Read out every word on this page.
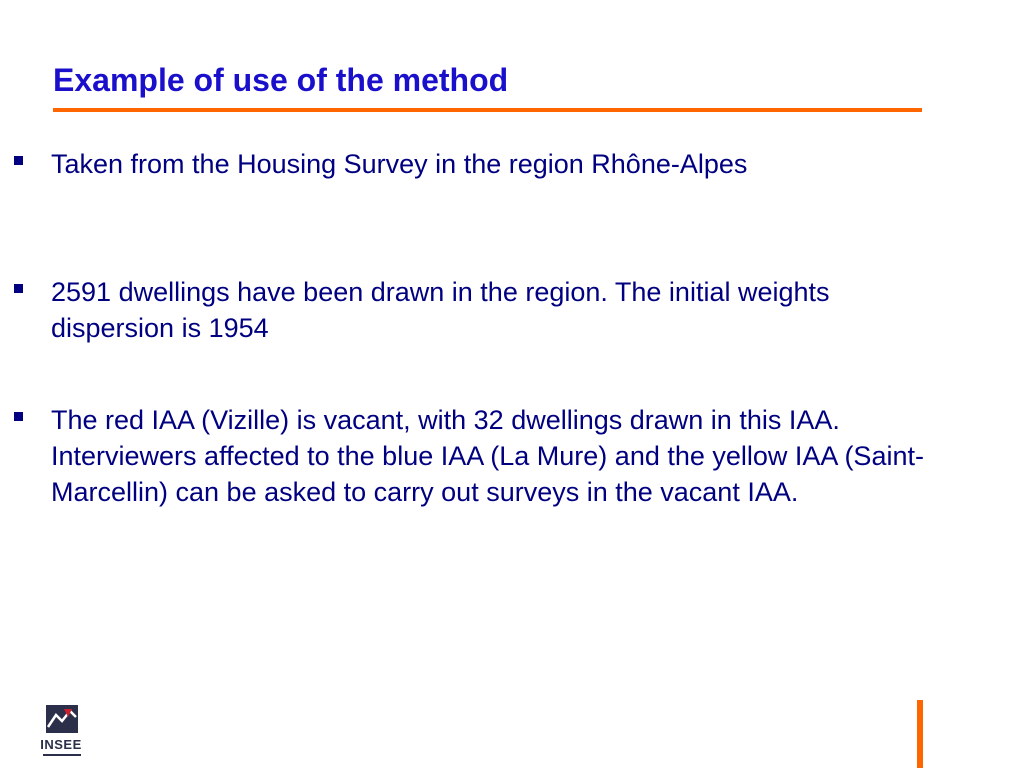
Example of use of the method
Taken from the Housing Survey in the region Rhône-Alpes
2591 dwellings have been drawn in the region. The initial weights dispersion is 1954
The red IAA (Vizille) is vacant, with 32 dwellings drawn in this IAA. Interviewers affected to the blue IAA (La Mure) and the yellow IAA (Saint-Marcellin) can be asked to carry out surveys in the vacant IAA.
INSEE
